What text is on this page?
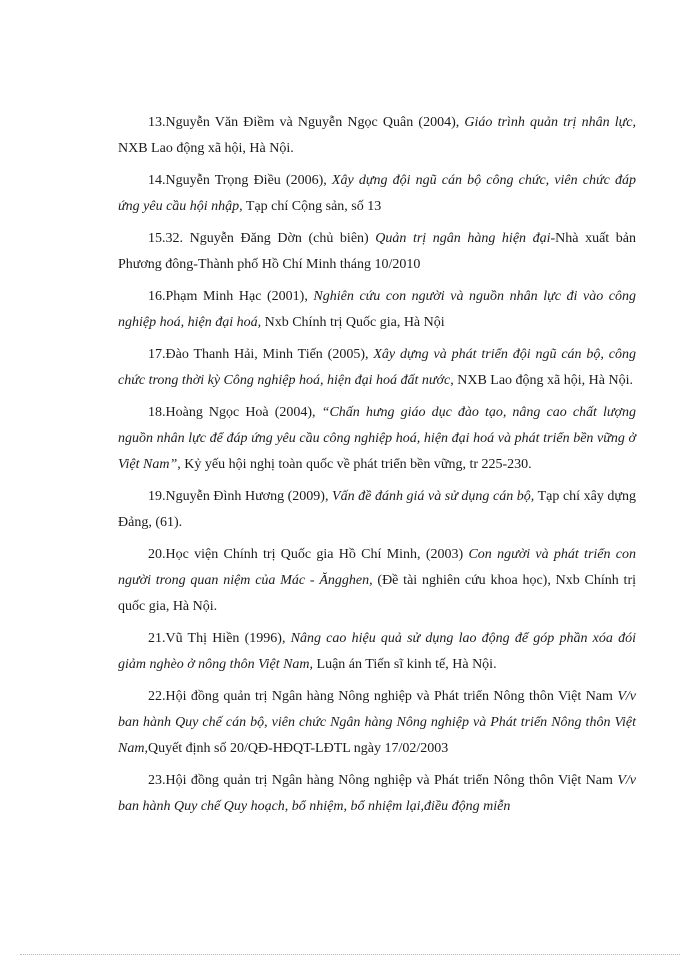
13.Nguyễn Văn Điềm và Nguyễn Ngọc Quân (2004), Giáo trình quản trị nhân lực, NXB Lao động xã hội, Hà Nội.

14.Nguyễn Trọng Điều (2006), Xây dựng đội ngũ cán bộ công chức, viên chức đáp ứng yêu cầu hội nhập, Tạp chí Cộng sản, số 13

15.32. Nguyễn Đăng Dờn (chủ biên) Quản trị ngân hàng hiện đại-Nhà xuất bản Phương đông-Thành phố Hồ Chí Minh tháng 10/2010

16.Phạm Minh Hạc (2001), Nghiên cứu con người và nguồn nhân lực đi vào công nghiệp hoá, hiện đại hoá, Nxb Chính trị Quốc gia, Hà Nội

17.Đào Thanh Hải, Minh Tiến (2005), Xây dựng và phát triển đội ngũ cán bộ, công chức trong thời kỳ Công nghiệp hoá, hiện đại hoá đất nước, NXB Lao động xã hội, Hà Nội.

18.Hoàng Ngọc Hoà (2004), “Chấn hưng giáo dục đào tạo, nâng cao chất lượng nguồn nhân lực để đáp ứng yêu cầu công nghiệp hoá, hiện đại hoá và phát triển bền vững ở Việt Nam”, Kỷ yếu hội nghị toàn quốc về phát triển bền vững, tr 225-230.

19.Nguyễn Đình Hương (2009), Vấn đề đánh giá và sử dụng cán bộ, Tạp chí xây dựng Đảng, (61).

20.Học viện Chính trị Quốc gia Hồ Chí Minh, (2003) Con người và phát triển con người trong quan niệm của Mác - Ăngghen, (Đề tài nghiên cứu khoa học), Nxb Chính trị quốc gia, Hà Nội.

21.Vũ Thị Hiền (1996), Nâng cao hiệu quả sử dụng lao động để góp phần xóa đói giảm nghèo ở nông thôn Việt Nam, Luận án Tiến sĩ kinh tế, Hà Nội.

22.Hội đồng quản trị Ngân hàng Nông nghiệp và Phát triển Nông thôn Việt Nam V/v ban hành Quy chế cán bộ, viên chức Ngân hàng Nông nghiệp và Phát triển Nông thôn Việt Nam,Quyết định số 20/QĐ-HĐQT-LĐTL ngày 17/02/2003

23.Hội đồng quản trị Ngân hàng Nông nghiệp và Phát triển Nông thôn Việt Nam V/v ban hành Quy chế Quy hoạch, bổ nhiệm, bổ nhiệm lại,điều động miễn
